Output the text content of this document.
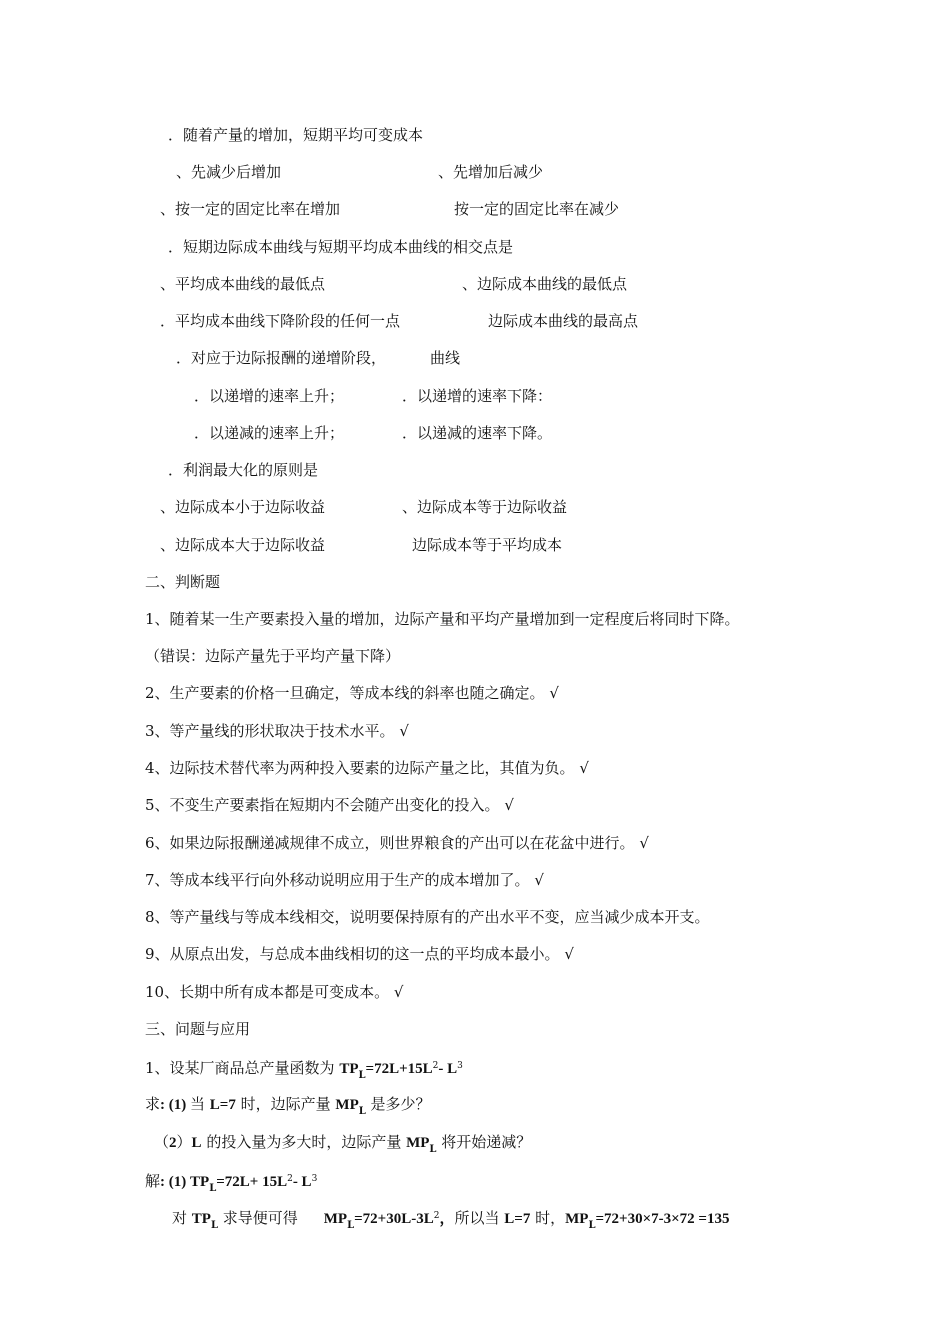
．随着产量的增加，短期平均可变成本
、先减少后增加	、先增加后减少
、按一定的固定比率在增加	按一定的固定比率在减少
．短期边际成本曲线与短期平均成本曲线的相交点是
、平均成本曲线的最低点	、边际成本曲线的最低点
．平均成本曲线下降阶段的任何一点	边际成本曲线的最高点
．对应于边际报酬的递增阶段，	曲线
．以递增的速率上升；	．以递增的速率下降：
．以递减的速率上升；	．以递减的速率下降。
．利润最大化的原则是
、边际成本小于边际收益	、边际成本等于边际收益
、边际成本大于边际收益	边际成本等于平均成本
二、判断题
1、随着某一生产要素投入量的增加，边际产量和平均产量增加到一定程度后将同时下降。
（错误：边际产量先于平均产量下降）
2、生产要素的价格一旦确定，等成本线的斜率也随之确定。 √
3、等产量线的形状取决于技术水平。 √
4、边际技术替代率为两种投入要素的边际产量之比，其值为负。 √
5、不变生产要素指在短期内不会随产出变化的投入。 √
6、如果边际报酬递减规律不成立，则世界粮食的产出可以在花盆中进行。 √
7、等成本线平行向外移动说明应用于生产的成本增加了。 √
8、等产量线与等成本线相交，说明要保持原有的产出水平不变，应当减少成本开支。
9、从原点出发，与总成本曲线相切的这一点的平均成本最小。 √
10、长期中所有成本都是可变成本。 √
三、问题与应用
1、设某厂商品总产量函数为 $TP_L=72L+15L^2-$ $L^3$
求: (1) 当 L=7 时，边际产量 $MP_L$ 是多少？
（2）L 的投入量为多大时，边际产量 $MP_L$ 将开始递减？
解: (1) $TP_L=72L+ 15L^2-$ $L^3$
对 $TP_L$ 求导便可得 $MP_L=72+30L-3L^2$，所以当 L=7 时，$MP_L=72+30\times 7-3\times 72 =135$
